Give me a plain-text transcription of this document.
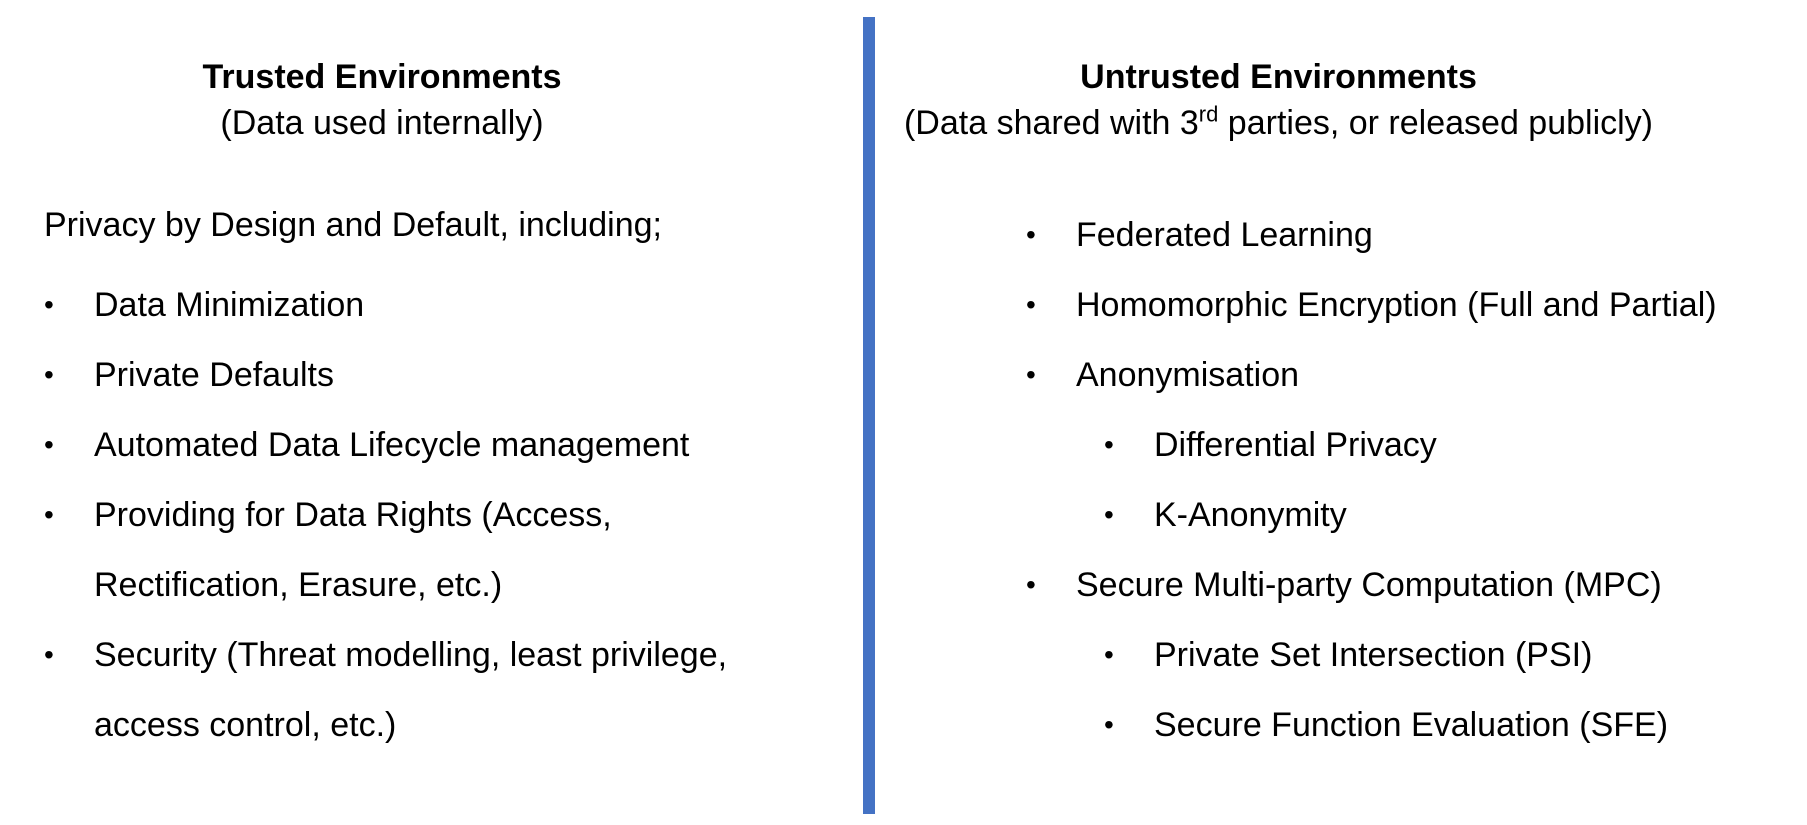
Trusted Environments
(Data used internally)
Privacy by Design and Default, including;
•	Data Minimization
•	Private Defaults
•	Automated Data Lifecycle management
•	Providing for Data Rights (Access, Rectification, Erasure, etc.)
•	Security (Threat modelling, least privilege, access control, etc.)
Untrusted Environments
(Data shared with 3rd parties, or released publicly)
•	Federated Learning
•	Homomorphic Encryption (Full and Partial)
•	Anonymisation
•	Differential Privacy
•	K-Anonymity
•	Secure Multi-party Computation (MPC)
•	Private Set Intersection (PSI)
•	Secure Function Evaluation (SFE)
